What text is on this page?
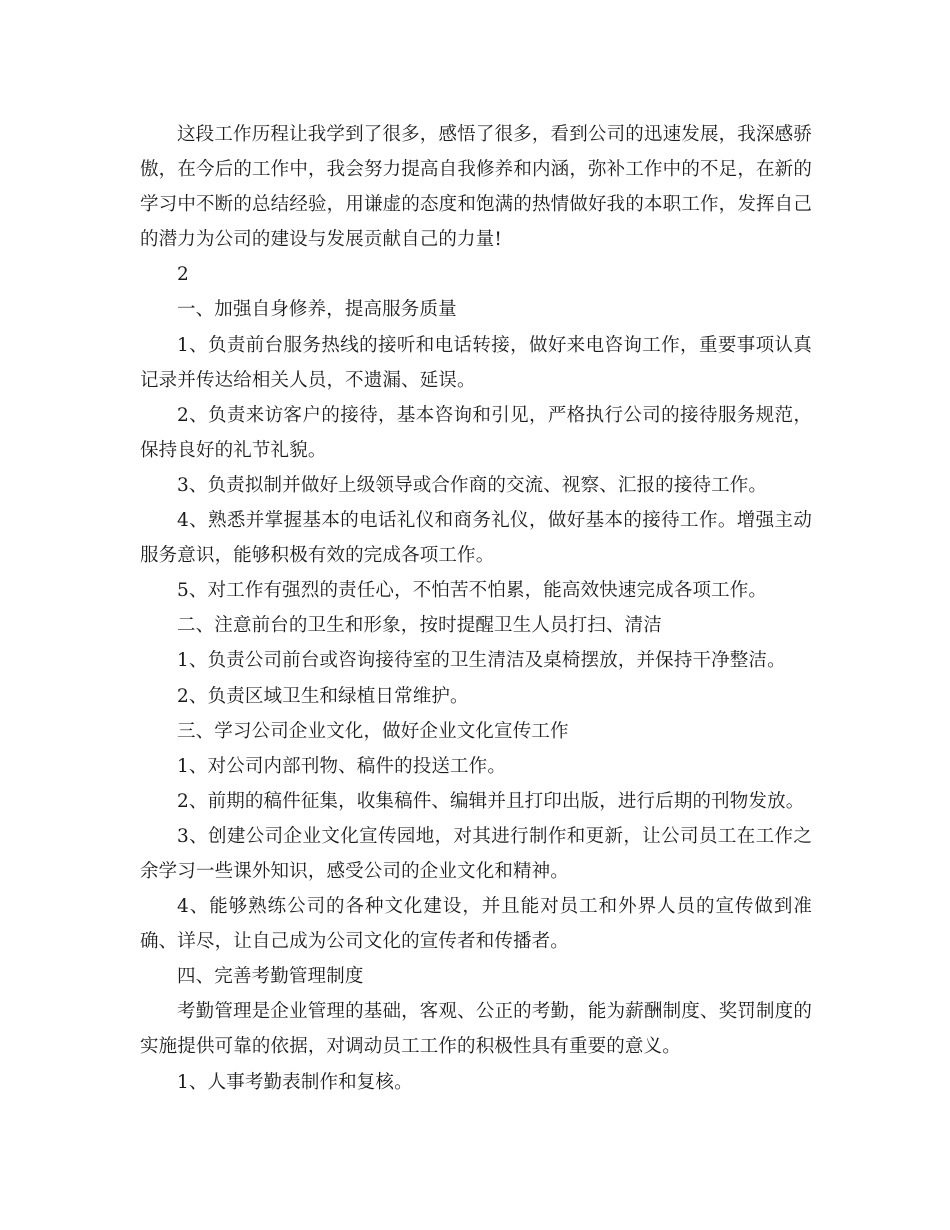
这段工作历程让我学到了很多，感悟了很多，看到公司的迅速发展，我深感骄傲，在今后的工作中，我会努力提高自我修养和内涵，弥补工作中的不足，在新的学习中不断的总结经验，用谦虚的态度和饱满的热情做好我的本职工作，发挥自己的潜力为公司的建设与发展贡献自己的力量!

2

一、加强自身修养，提高服务质量

1、负责前台服务热线的接听和电话转接，做好来电咨询工作，重要事项认真记录并传达给相关人员，不遗漏、延误。

2、负责来访客户的接待，基本咨询和引见，严格执行公司的接待服务规范，保持良好的礼节礼貌。

3、负责拟制并做好上级领导或合作商的交流、视察、汇报的接待工作。

4、熟悉并掌握基本的电话礼仪和商务礼仪，做好基本的接待工作。增强主动服务意识，能够积极有效的完成各项工作。

5、对工作有强烈的责任心，不怕苦不怕累，能高效快速完成各项工作。

二、注意前台的卫生和形象，按时提醒卫生人员打扫、清洁

1、负责公司前台或咨询接待室的卫生清洁及桌椅摆放，并保持干净整洁。

2、负责区域卫生和绿植日常维护。

三、学习公司企业文化，做好企业文化宣传工作

1、对公司内部刊物、稿件的投送工作。

2、前期的稿件征集，收集稿件、编辑并且打印出版，进行后期的刊物发放。

3、创建公司企业文化宣传园地，对其进行制作和更新，让公司员工在工作之余学习一些课外知识，感受公司的企业文化和精神。

4、能够熟练公司的各种文化建设，并且能对员工和外界人员的宣传做到准确、详尽，让自己成为公司文化的宣传者和传播者。

四、完善考勤管理制度

考勤管理是企业管理的基础，客观、公正的考勤，能为薪酬制度、奖罚制度的实施提供可靠的依据，对调动员工工作的积极性具有重要的意义。

1、人事考勤表制作和复核。
